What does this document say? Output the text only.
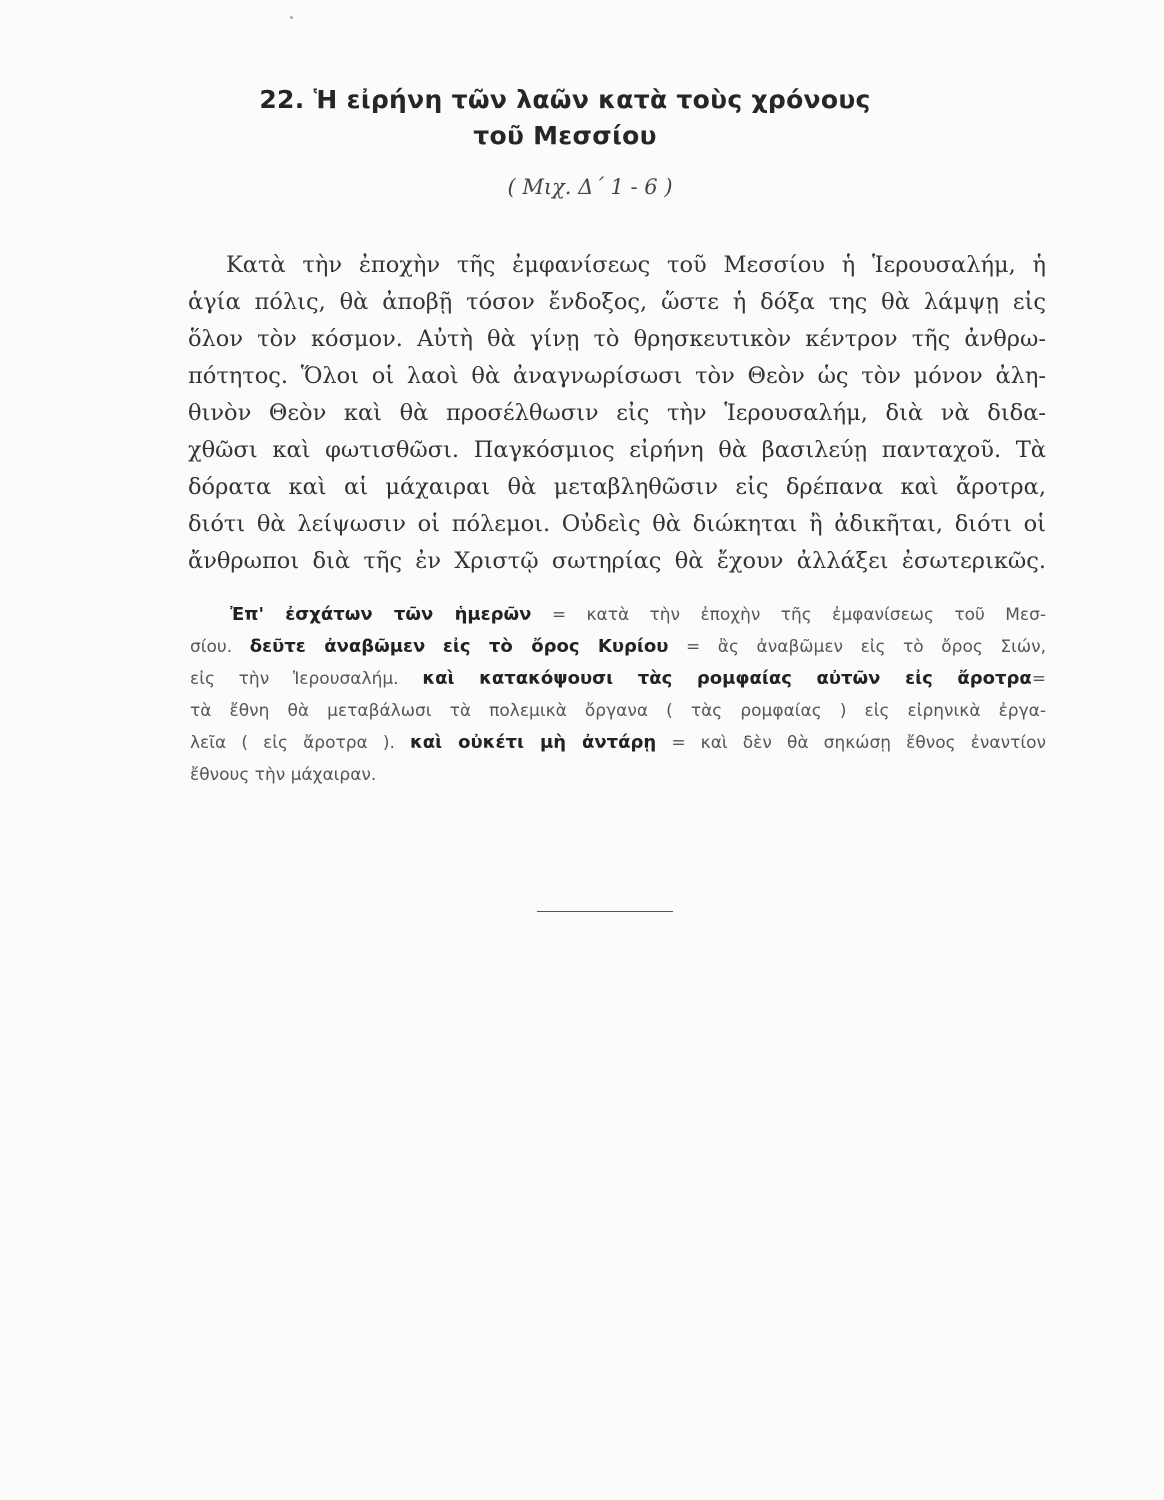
22. Ἡ εἰρήνη τῶν λαῶν κατὰ τοὺς χρόνους
τοῦ Μεσσίου
( Μιχ. Δ΄ 1 - 6 )
Κατὰ τὴν ἐποχὴν τῆς ἐμφανίσεως τοῦ Μεσσίου ἡ Ἱερουσαλήμ, ἡ
ἁγία πόλις, θὰ ἀποβῇ τόσον ἔνδοξος, ὥστε ἡ δόξα της θὰ λάμψῃ εἰς
ὅλον τὸν κόσμον. Αὐτὴ θὰ γίνῃ τὸ θρησκευτικὸν κέντρον τῆς ἀνθρω-
πότητος. Ὅλοι οἱ λαοὶ θὰ ἀναγνωρίσωσι τὸν Θεὸν ὡς τὸν μόνον ἀλη-
θινὸν Θεὸν καὶ θὰ προσέλθωσιν εἰς τὴν Ἱερουσαλήμ, διὰ νὰ διδα-
χθῶσι καὶ φωτισθῶσι. Παγκόσμιος εἰρήνη θὰ βασιλεύῃ πανταχοῦ. Τὰ
δόρατα καὶ αἱ μάχαιραι θὰ μεταβληθῶσιν εἰς δρέπανα καὶ ἄροτρα,
διότι θὰ λείψωσιν οἱ πόλεμοι. Οὐδεὶς θὰ διώκηται ἢ ἀδικῆται, διότι οἱ
ἄνθρωποι διὰ τῆς ἐν Χριστῷ σωτηρίας θὰ ἔχουν ἀλλάξει ἐσωτερικῶς.
Ἐπ' ἐσχάτων τῶν ἡμερῶν = κατὰ τὴν ἐποχὴν τῆς ἐμφανίσεως τοῦ Μεσ-
σίου. δεῦτε ἀναβῶμεν εἰς τὸ ὄρος Κυρίου = ἂς ἀναβῶμεν εἰς τὸ ὄρος Σιών,
εἰς τὴν Ἱερουσαλήμ. καὶ κατακόψουσι τὰς ρομφαίας αὐτῶν εἰς ἄροτρα=
τὰ ἔθνη θὰ μεταβάλωσι τὰ πολεμικὰ ὄργανα ( τὰς ρομφαίας ) εἰς εἰρηνικὰ ἐργα-
λεῖα ( εἰς ἄροτρα ). καὶ οὐκέτι μὴ ἀντάρῃ = καὶ δὲν θὰ σηκώσῃ ἔθνος ἐναντίον
ἔθνους τὴν μάχαιραν.
